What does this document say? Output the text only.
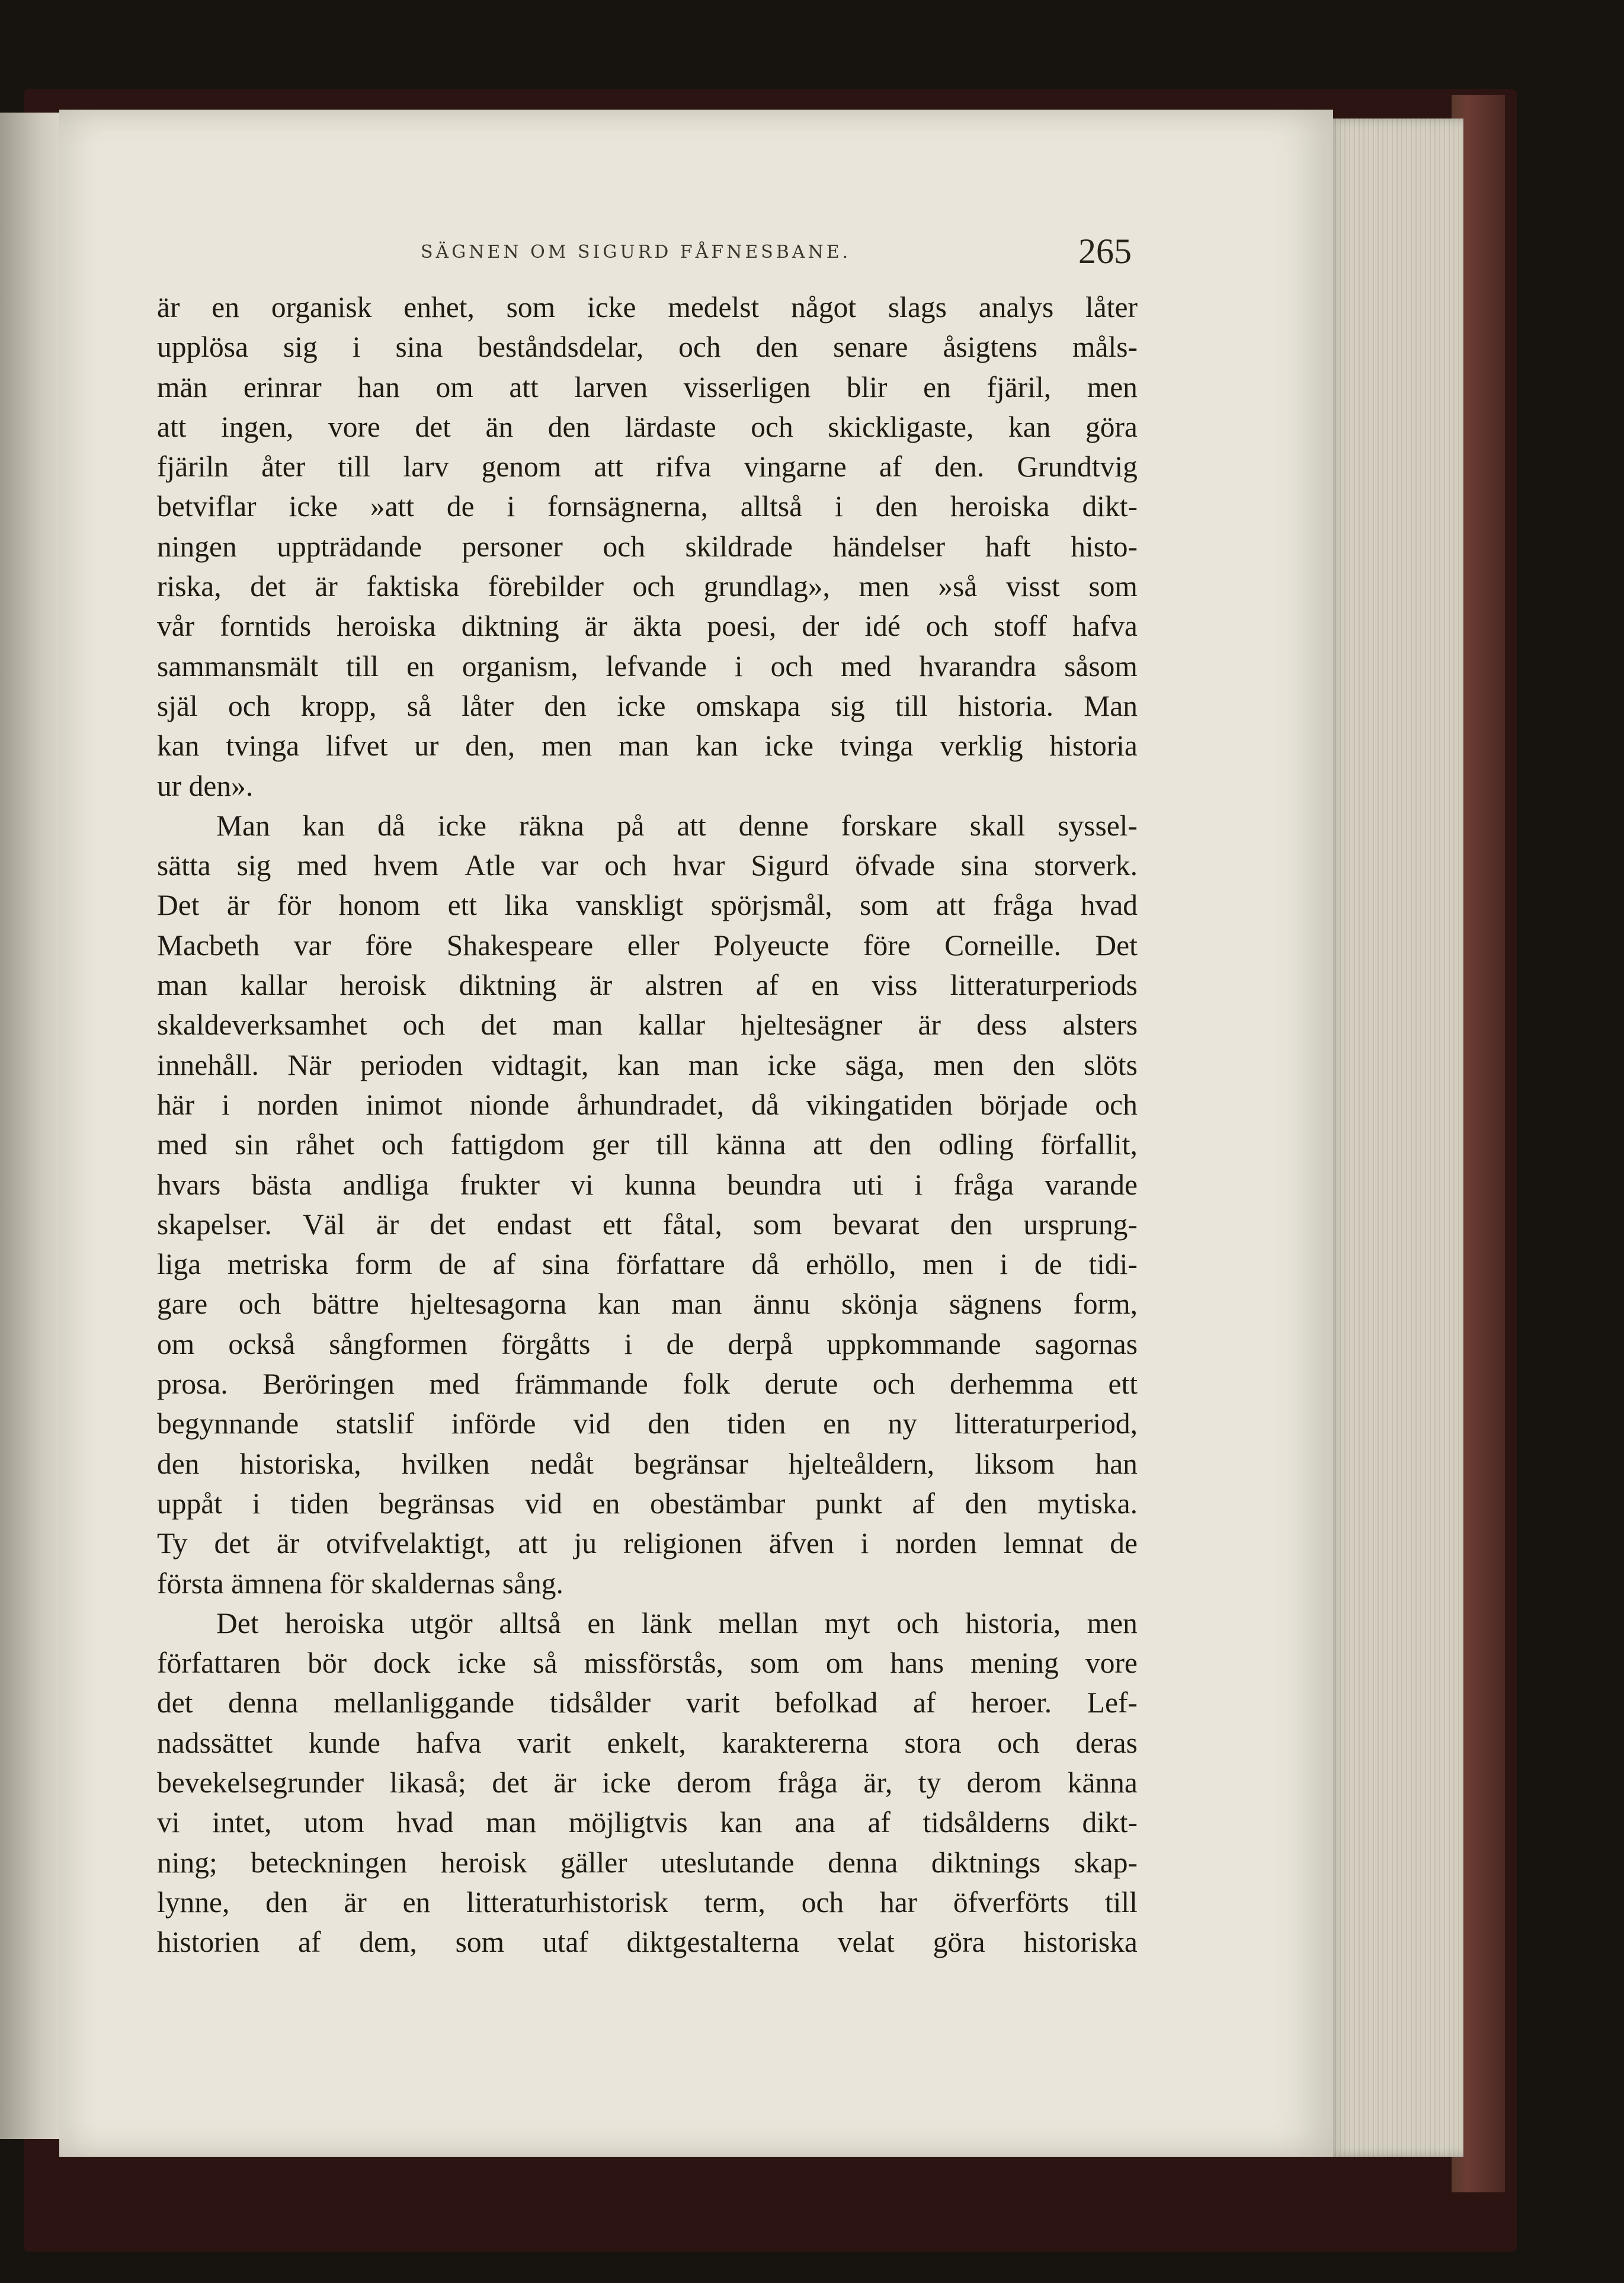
SÄGNEN OM SIGURD FÅFNESBANE.	265
är en organisk enhet, som icke medelst något slags analys låter
upplösa sig i sina beståndsdelar, och den senare åsigtens måls-
män erinrar han om att larven visserligen blir en fjäril, men
att ingen, vore det än den lärdaste och skickligaste, kan göra
fjäriln åter till larv genom att rifva vingarne af den. Grundtvig
betviflar icke »att de i fornsägnerna, alltså i den heroiska dikt-
ningen uppträdande personer och skildrade händelser haft histo-
riska, det är faktiska förebilder och grundlag», men »så visst som
vår forntids heroiska diktning är äkta poesi, der idé och stoff hafva
sammansmält till en organism, lefvande i och med hvarandra såsom
själ och kropp, så låter den icke omskapa sig till historia. Man
kan tvinga lifvet ur den, men man kan icke tvinga verklig historia
ur den».
Man kan då icke räkna på att denne forskare skall syssel-
sätta sig med hvem Atle var och hvar Sigurd öfvade sina storverk.
Det är för honom ett lika vanskligt spörjsmål, som att fråga hvad
Macbeth var före Shakespeare eller Polyeucte före Corneille. Det
man kallar heroisk diktning är alstren af en viss litteraturperiods
skaldeverksamhet och det man kallar hjeltesägner är dess alsters
innehåll. När perioden vidtagit, kan man icke säga, men den slöts
här i norden inimot nionde århundradet, då vikingatiden började och
med sin råhet och fattigdom ger till känna att den odling förfallit,
hvars bästa andliga frukter vi kunna beundra uti i fråga varande
skapelser. Väl är det endast ett fåtal, som bevarat den ursprung-
liga metriska form de af sina författare då erhöllo, men i de tidi-
gare och bättre hjeltesagorna kan man ännu skönja sägnens form,
om också sångformen förgåtts i de derpå uppkommande sagornas
prosa. Beröringen med främmande folk derute och derhemma ett
begynnande statslif införde vid den tiden en ny litteraturperiod,
den historiska, hvilken nedåt begränsar hjelteåldern, liksom han
uppåt i tiden begränsas vid en obestämbar punkt af den mytiska.
Ty det är otvifvelaktigt, att ju religionen äfven i norden lemnat de
första ämnena för skaldernas sång.
Det heroiska utgör alltså en länk mellan myt och historia, men
författaren bör dock icke så missförstås, som om hans mening vore
det denna mellanliggande tidsålder varit befolkad af heroer. Lef-
nadssättet kunde hafva varit enkelt, karaktererna stora och deras
bevekelsegrunder likaså; det är icke derom fråga är, ty derom känna
vi intet, utom hvad man möjligtvis kan ana af tidsålderns dikt-
ning; beteckningen heroisk gäller uteslutande denna diktnings skap-
lynne, den är en litteraturhistorisk term, och har öfverförts till
historien af dem, som utaf diktgestalterna velat göra historiska
